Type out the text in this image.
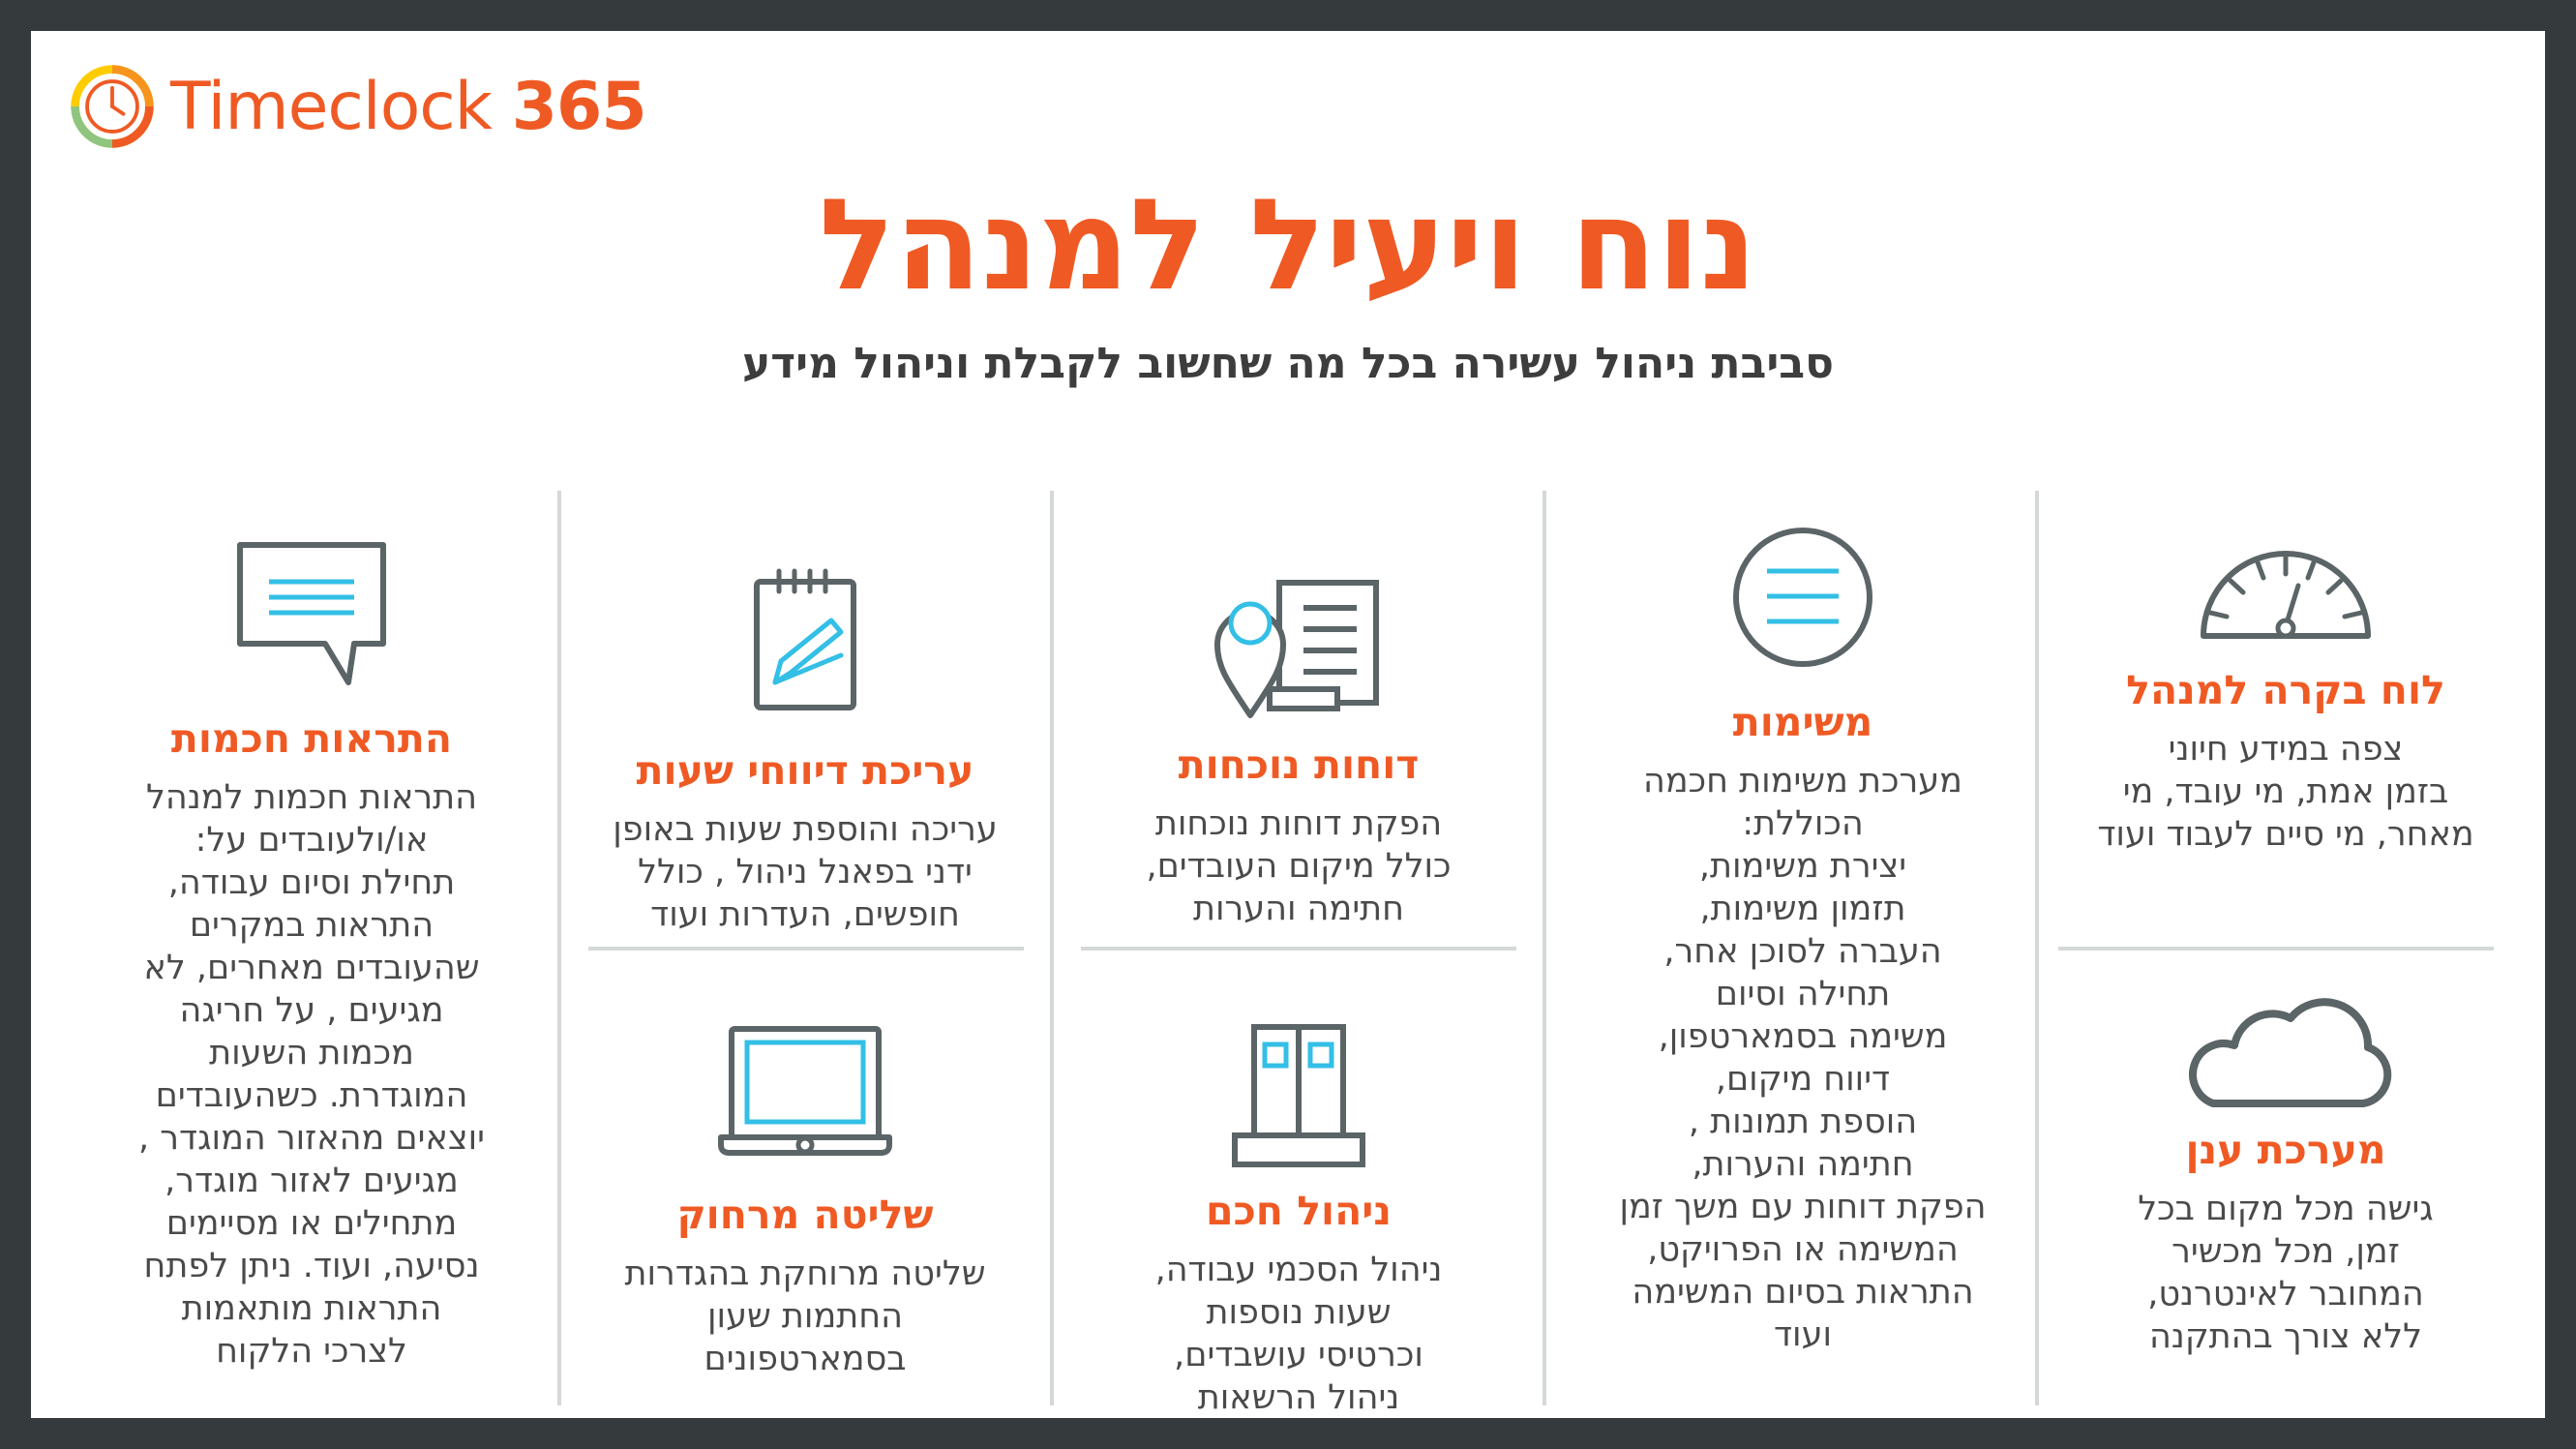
Timeclock 365
נוח ויעיל למנהל
סביבת ניהול עשירה בכל מה שחשוב לקבלת וניהול מידע
לוח בקרה למנהל
צפה במידע חיוני
בזמן אמת, מי עובד, מי
מאחר, מי סיים לעבוד ועוד
מערכת ענן
גישה מכל מקום בכל
זמן, מכל מכשיר
המחובר לאינטרנט,
ללא צורך בהתקנה
משימות
מערכת משימות חכמה
הכוללת:
יצירת משימות,
תזמון משימות,
העברה לסוכן אחר,
תחילה וסיום
משימה בסמארטפון,
דיווח מיקום,
הוספת תמונות ,
חתימה והערות,
הפקת דוחות עם משך זמן
המשימה או הפרויקט,
התראות בסיום המשימה
ועוד
דוחות נוכחות
הפקת דוחות נוכחות
כולל מיקום העובדים,
חתימה והערות
ניהול חכם
ניהול הסכמי עבודה,
שעות נוספות
וכרטיסי עושבדים,
ניהול הרשאות
עריכת דיווחי שעות
עריכה והוספת שעות באופן
ידני בפאנל ניהול , כולל
חופשים, העדרות ועוד
שליטה מרחוק
שליטה מרוחקת בהגדרות
החתמות שעון
בסמארטפונים
התראות חכמות
התראות חכמות למנהל
או/ולעובדים על:
תחילת וסיום עבודה,
התראות במקרים
שהעובדים מאחרים, לא
מגיעים , על חריגה
מכמות השעות
המוגדרת. כשהעובדים
יוצאים מהאזור המוגדר ,
מגיעים לאזור מוגדר,
מתחילים או מסיימים
נסיעה, ועוד. ניתן לפתח
התראות מותאמות
לצרכי הלקוח
